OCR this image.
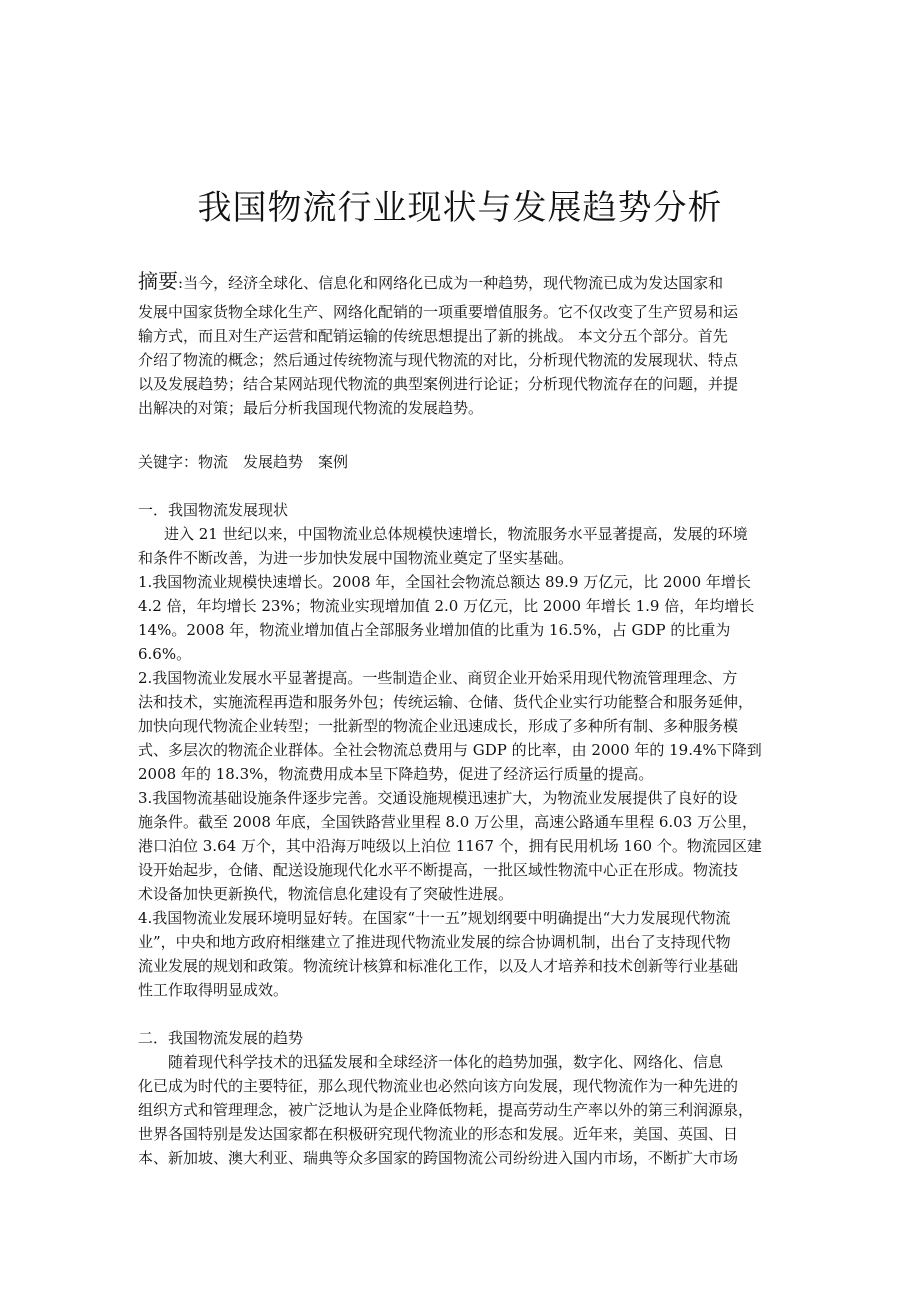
我国物流行业现状与发展趋势分析
摘要:当今，经济全球化、信息化和网络化已成为一种趋势，现代物流已成为发达国家和
发展中国家货物全球化生产、网络化配销的一项重要增值服务。它不仅改变了生产贸易和运
输方式，而且对生产运营和配销运输的传统思想提出了新的挑战。 本文分五个部分。首先
介绍了物流的概念；然后通过传统物流与现代物流的对比，分析现代物流的发展现状、特点
以及发展趋势；结合某网站现代物流的典型案例进行论证；分析现代物流存在的问题，并提
出解决的对策；最后分析我国现代物流的发展趋势。
关键字：物流　发展趋势　案例
一．我国物流发展现状
进入 21 世纪以来，中国物流业总体规模快速增长，物流服务水平显著提高，发展的环境
和条件不断改善，为进一步加快发展中国物流业奠定了坚实基础。
1.我国物流业规模快速增长。2008 年，全国社会物流总额达 89.9 万亿元，比 2000 年增长
4.2 倍，年均增长 23%；物流业实现增加值 2.0 万亿元，比 2000 年增长 1.9 倍，年均增长
14%。2008 年，物流业增加值占全部服务业增加值的比重为 16.5%，占 GDP 的比重为
6.6%。
2.我国物流业发展水平显著提高。一些制造企业、商贸企业开始采用现代物流管理理念、方
法和技术，实施流程再造和服务外包；传统运输、仓储、货代企业实行功能整合和服务延伸，
加快向现代物流企业转型；一批新型的物流企业迅速成长，形成了多种所有制、多种服务模
式、多层次的物流企业群体。全社会物流总费用与 GDP 的比率，由 2000 年的 19.4%下降到
2008 年的 18.3%，物流费用成本呈下降趋势，促进了经济运行质量的提高。
3.我国物流基础设施条件逐步完善。交通设施规模迅速扩大，为物流业发展提供了良好的设
施条件。截至 2008 年底，全国铁路营业里程 8.0 万公里，高速公路通车里程 6.03 万公里，
港口泊位 3.64 万个，其中沿海万吨级以上泊位 1167 个，拥有民用机场 160 个。物流园区建
设开始起步，仓储、配送设施现代化水平不断提高，一批区域性物流中心正在形成。物流技
术设备加快更新换代，物流信息化建设有了突破性进展。
4.我国物流业发展环境明显好转。在国家“十一五”规划纲要中明确提出“大力发展现代物流
业”，中央和地方政府相继建立了推进现代物流业发展的综合协调机制，出台了支持现代物
流业发展的规划和政策。物流统计核算和标准化工作，以及人才培养和技术创新等行业基础
性工作取得明显成效。
二．我国物流发展的趋势
随着现代科学技术的迅猛发展和全球经济一体化的趋势加强，数字化、网络化、信息
化已成为时代的主要特征，那么现代物流业也必然向该方向发展，现代物流作为一种先进的
组织方式和管理理念，被广泛地认为是企业降低物耗，提高劳动生产率以外的第三利润源泉，
世界各国特别是发达国家都在积极研究现代物流业的形态和发展。近年来，美国、英国、日
本、新加坡、澳大利亚、瑞典等众多国家的跨国物流公司纷纷进入国内市场，不断扩大市场
